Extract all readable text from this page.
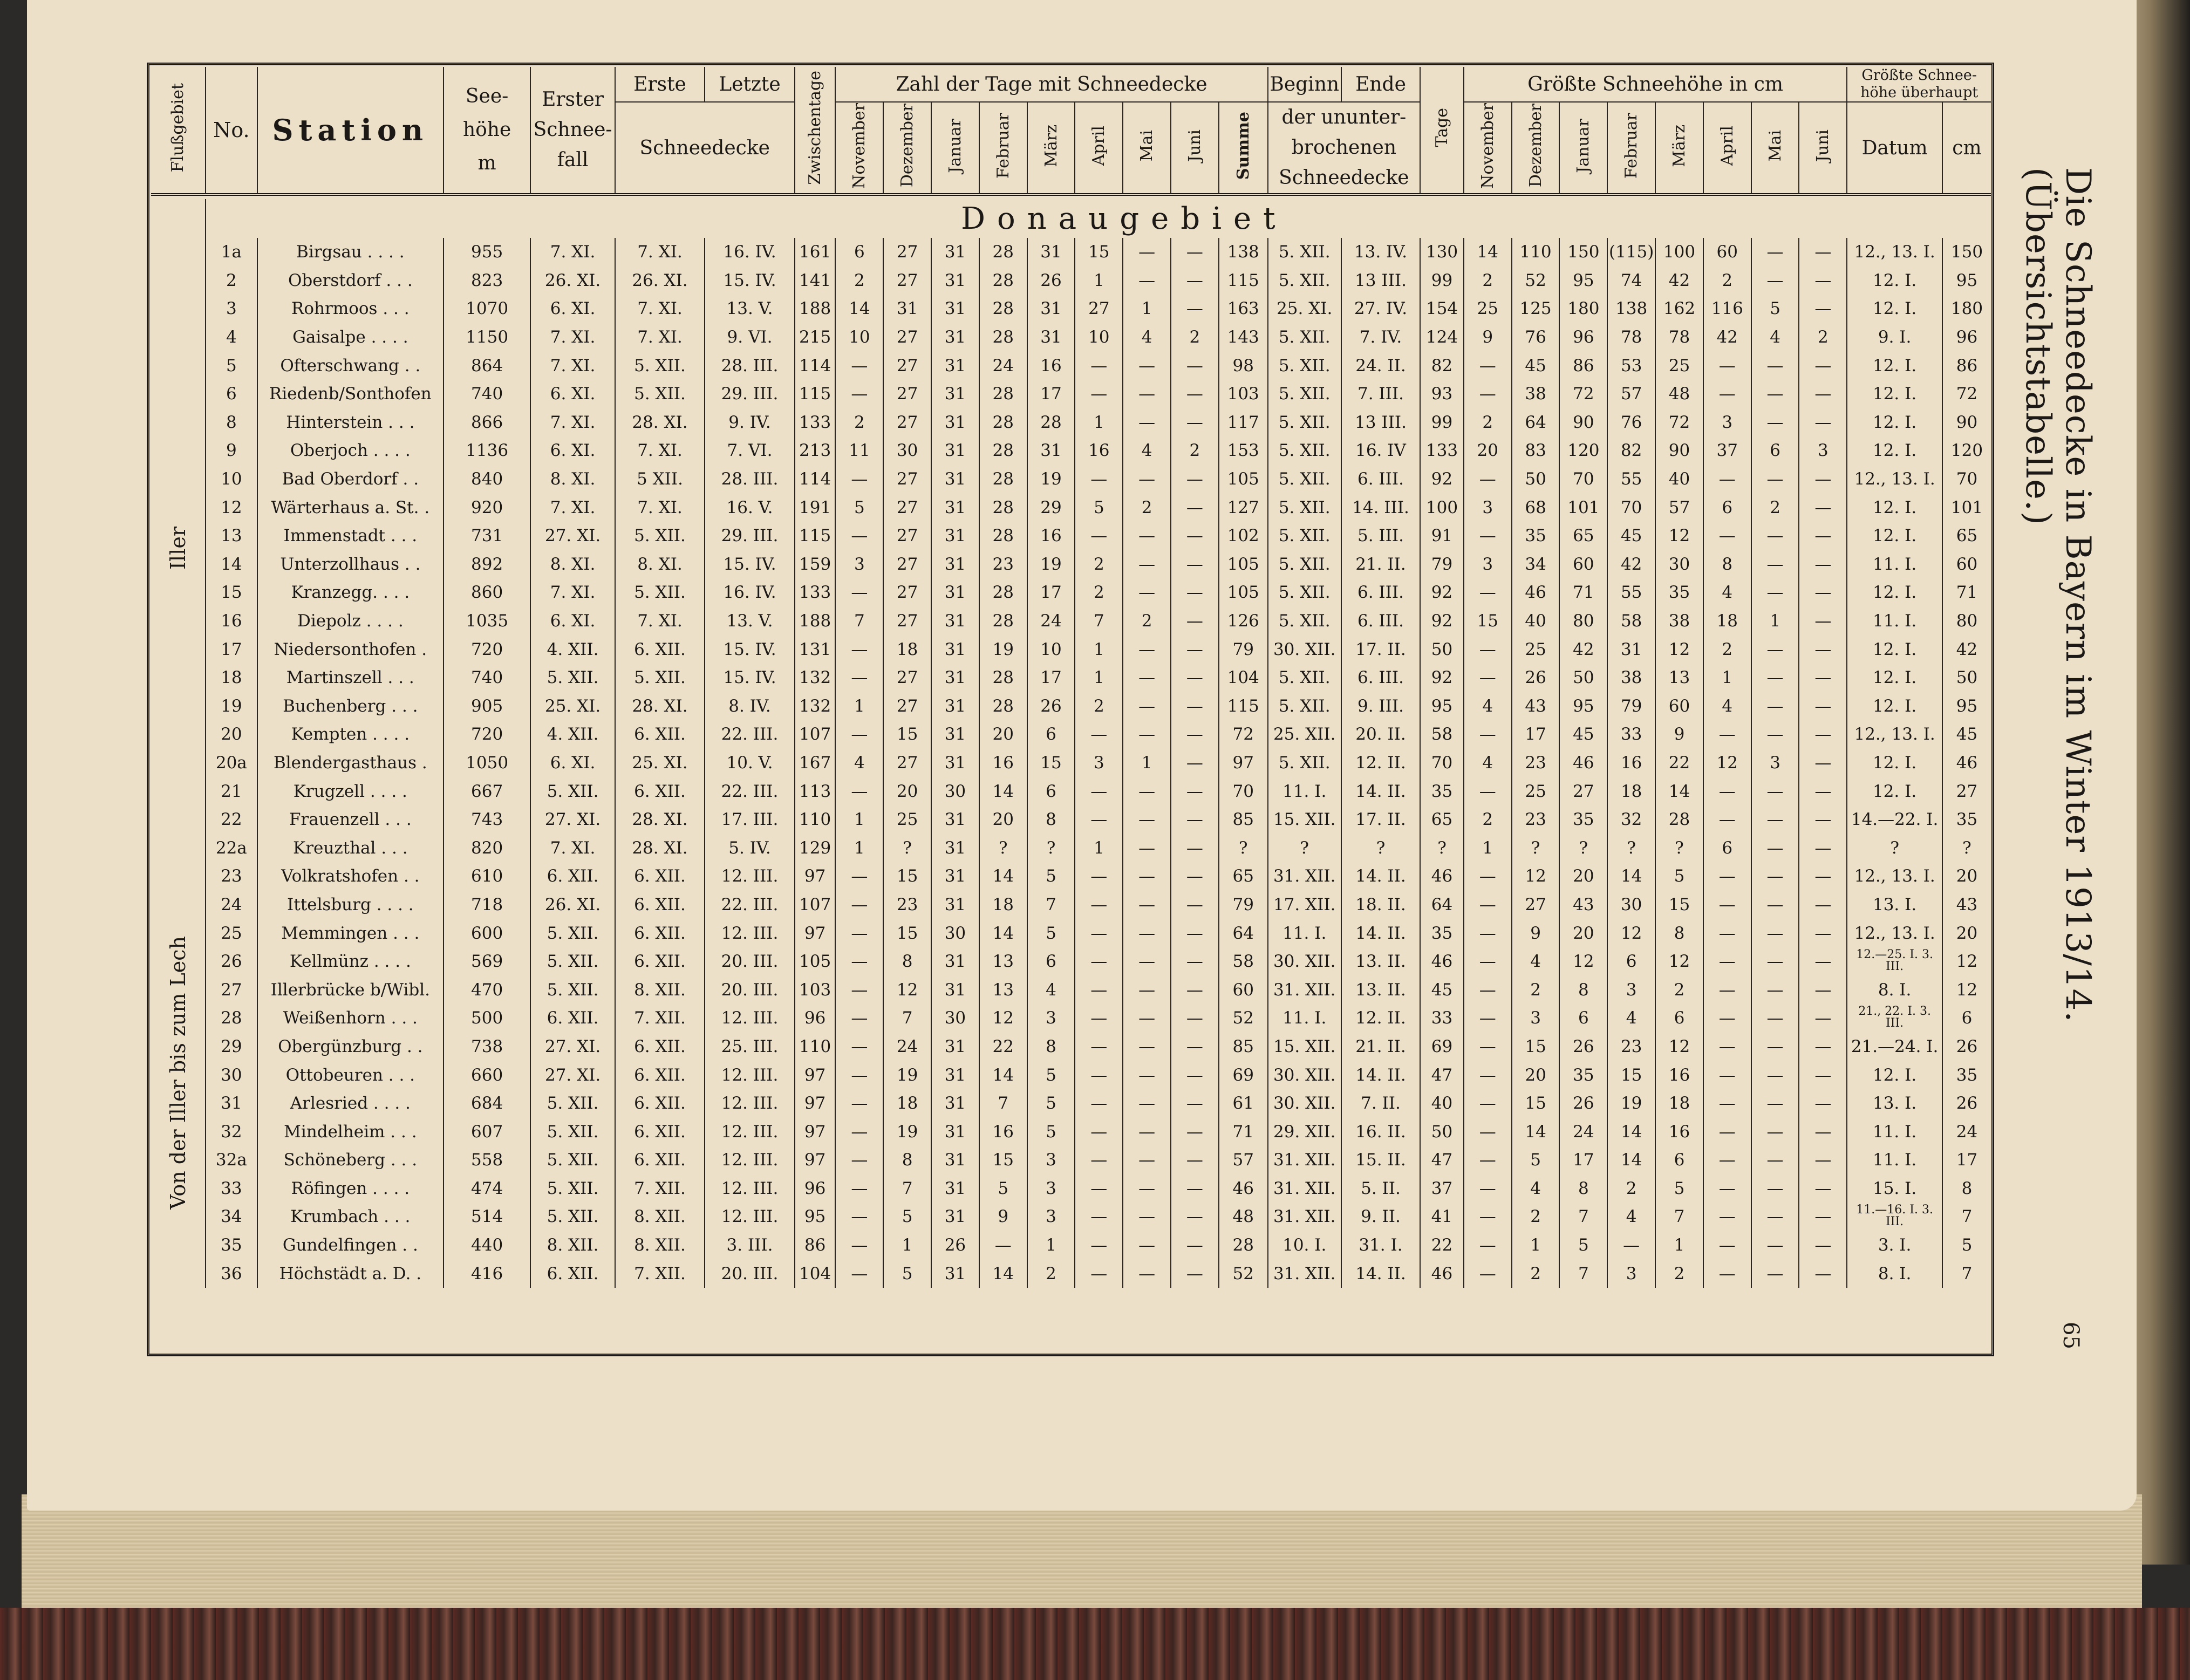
Flußgebiet	No.	Station	See-höhe
m	Erster Schnee-fall	Erste	Letzte	Zwischentage	Zahl der Tage mit Schneedecke									Beginn	Ende	Tage	Größte Schneehöhe in cm								Größte Schnee-höhe überhaupt	
					Schneedecke			November	Dezember	Januar	Februar	März	April	Mai	Juni	Summe	der ununter-brochenen Schneedecke			November	Dezember	Januar	Februar	März	April	Mai	Juni	Datum	cm

		Donaugebiet																											
Iller	1a	Birgsau . . . .	955	7. XI.	7. XI.	16. IV.	161	6	27	31	28	31	15	—	—	138	5. XII.	13. IV.	130	14	110	150	(115)	100	60	—	—	12., 13. I.	150
	2	Oberstdorf . . .	823	26. XI.	26. XI.	15. IV.	141	2	27	31	28	26	1	—	—	115	5. XII.	13 III.	99	2	52	95	74	42	2	—	—	12. I.	95
	3	Rohrmoos . . .	1070	6. XI.	7. XI.	13. V.	188	14	31	31	28	31	27	1	—	163	25. XI.	27. IV.	154	25	125	180	138	162	116	5	—	12. I.	180
	4	Gaisalpe . . . .	1150	7. XI.	7. XI.	9. VI.	215	10	27	31	28	31	10	4	2	143	5. XII.	7. IV.	124	9	76	96	78	78	42	4	2	9. I.	96
	5	Ofterschwang . .	864	7. XI.	5. XII.	28. III.	114	—	27	31	24	16	—	—	—	98	5. XII.	24. II.	82	—	45	86	53	25	—	—	—	12. I.	86
	6	Riedenb/Sonthofen	740	6. XI.	5. XII.	29. III.	115	—	27	31	28	17	—	—	—	103	5. XII.	7. III.	93	—	38	72	57	48	—	—	—	12. I.	72
	8	Hinterstein . . .	866	7. XI.	28. XI.	9. IV.	133	2	27	31	28	28	1	—	—	117	5. XII.	13 III.	99	2	64	90	76	72	3	—	—	12. I.	90
	9	Oberjoch . . . .	1136	6. XI.	7. XI.	7. VI.	213	11	30	31	28	31	16	4	2	153	5. XII.	16. IV	133	20	83	120	82	90	37	6	3	12. I.	120
	10	Bad Oberdorf . .	840	8. XI.	5 XII.	28. III.	114	—	27	31	28	19	—	—	—	105	5. XII.	6. III.	92	—	50	70	55	40	—	—	—	12., 13. I.	70
	12	Wärterhaus a. St. .	920	7. XI.	7. XI.	16. V.	191	5	27	31	28	29	5	2	—	127	5. XII.	14. III.	100	3	68	101	70	57	6	2	—	12. I.	101
	13	Immenstadt . . .	731	27. XI.	5. XII.	29. III.	115	—	27	31	28	16	—	—	—	102	5. XII.	5. III.	91	—	35	65	45	12	—	—	—	12. I.	65
	14	Unterzollhaus . .	892	8. XI.	8. XI.	15. IV.	159	3	27	31	23	19	2	—	—	105	5. XII.	21. II.	79	3	34	60	42	30	8	—	—	11. I.	60
	15	Kranzegg. . . .	860	7. XI.	5. XII.	16. IV.	133	—	27	31	28	17	2	—	—	105	5. XII.	6. III.	92	—	46	71	55	35	4	—	—	12. I.	71
	16	Diepolz . . . .	1035	6. XI.	7. XI.	13. V.	188	7	27	31	28	24	7	2	—	126	5. XII.	6. III.	92	15	40	80	58	38	18	1	—	11. I.	80
	17	Niedersonthofen .	720	4. XII.	6. XII.	15. IV.	131	—	18	31	19	10	1	—	—	79	30. XII.	17. II.	50	—	25	42	31	12	2	—	—	12. I.	42
	18	Martinszell . . .	740	5. XII.	5. XII.	15. IV.	132	—	27	31	28	17	1	—	—	104	5. XII.	6. III.	92	—	26	50	38	13	1	—	—	12. I.	50
	19	Buchenberg . . .	905	25. XI.	28. XI.	8. IV.	132	1	27	31	28	26	2	—	—	115	5. XII.	9. III.	95	4	43	95	79	60	4	—	—	12. I.	95
	20	Kempten . . . .	720	4. XII.	6. XII.	22. III.	107	—	15	31	20	6	—	—	—	72	25. XII.	20. II.	58	—	17	45	33	9	—	—	—	12., 13. I.	45
	20a	Blendergasthaus .	1050	6. XI.	25. XI.	10. V.	167	4	27	31	16	15	3	1	—	97	5. XII.	12. II.	70	4	23	46	16	22	12	3	—	12. I.	46
	21	Krugzell . . . .	667	5. XII.	6. XII.	22. III.	113	—	20	30	14	6	—	—	—	70	11. I.	14. II.	35	—	25	27	18	14	—	—	—	12. I.	27
	22	Frauenzell . . .	743	27. XI.	28. XI.	17. III.	110	1	25	31	20	8	—	—	—	85	15. XII.	17. II.	65	2	23	35	32	28	—	—	—	14.—22. I.	35
	22a	Kreuzthal . . .	820	7. XI.	28. XI.	5. IV.	129	1	?	31	?	?	1	—	—	?	?	?	?	1	?	?	?	?	6	—	—	?	?
Von der Iller bis zum Lech	23	Volkratshofen . .	610	6. XII.	6. XII.	12. III.	97	—	15	31	14	5	—	—	—	65	31. XII.	14. II.	46	—	12	20	14	5	—	—	—	12., 13. I.	20
	24	Ittelsburg . . . .	718	26. XI.	6. XII.	22. III.	107	—	23	31	18	7	—	—	—	79	17. XII.	18. II.	64	—	27	43	30	15	—	—	—	13. I.	43
	25	Memmingen . . .	600	5. XII.	6. XII.	12. III.	97	—	15	30	14	5	—	—	—	64	11. I.	14. II.	35	—	9	20	12	8	—	—	—	12., 13. I.	20
	26	Kellmünz . . . .	569	5. XII.	6. XII.	20. III.	105	—	8	31	13	6	—	—	—	58	30. XII.	13. II.	46	—	4	12	6	12	—	—	—	12.—25. I. 3. III.	12
	27	Illerbrücke b/Wibl.	470	5. XII.	8. XII.	20. III.	103	—	12	31	13	4	—	—	—	60	31. XII.	13. II.	45	—	2	8	3	2	—	—	—	8. I.	12
	28	Weißenhorn . . .	500	6. XII.	7. XII.	12. III.	96	—	7	30	12	3	—	—	—	52	11. I.	12. II.	33	—	3	6	4	6	—	—	—	21., 22. I. 3. III.	6
	29	Obergünzburg . .	738	27. XI.	6. XII.	25. III.	110	—	24	31	22	8	—	—	—	85	15. XII.	21. II.	69	—	15	26	23	12	—	—	—	21.—24. I.	26
	30	Ottobeuren . . .	660	27. XI.	6. XII.	12. III.	97	—	19	31	14	5	—	—	—	69	30. XII.	14. II.	47	—	20	35	15	16	—	—	—	12. I.	35
	31	Arlesried . . . .	684	5. XII.	6. XII.	12. III.	97	—	18	31	7	5	—	—	—	61	30. XII.	7. II.	40	—	15	26	19	18	—	—	—	13. I.	26
	32	Mindelheim . . .	607	5. XII.	6. XII.	12. III.	97	—	19	31	16	5	—	—	—	71	29. XII.	16. II.	50	—	14	24	14	16	—	—	—	11. I.	24
	32a	Schöneberg . . .	558	5. XII.	6. XII.	12. III.	97	—	8	31	15	3	—	—	—	57	31. XII.	15. II.	47	—	5	17	14	6	—	—	—	11. I.	17
	33	Röfingen . . . .	474	5. XII.	7. XII.	12. III.	96	—	7	31	5	3	—	—	—	46	31. XII.	5. II.	37	—	4	8	2	5	—	—	—	15. I.	8
	34	Krumbach . . .	514	5. XII.	8. XII.	12. III.	95	—	5	31	9	3	—	—	—	48	31. XII.	9. II.	41	—	2	7	4	7	—	—	—	11.—16. I. 3. III.	7
	35	Gundelfingen . .	440	8. XII.	8. XII.	3. III.	86	—	1	26	—	1	—	—	—	28	10. I.	31. I.	22	—	1	5	—	1	—	—	—	3. I.	5
	36	Höchstädt a. D. .	416	6. XII.	7. XII.	20. III.	104	—	5	31	14	2	—	—	—	52	31. XII.	14. II.	46	—	2	7	3	2	—	—	—	8. I.	7
Die Schneedecke in Bayern im Winter 1913/14. (Übersichtstabelle.)
65
